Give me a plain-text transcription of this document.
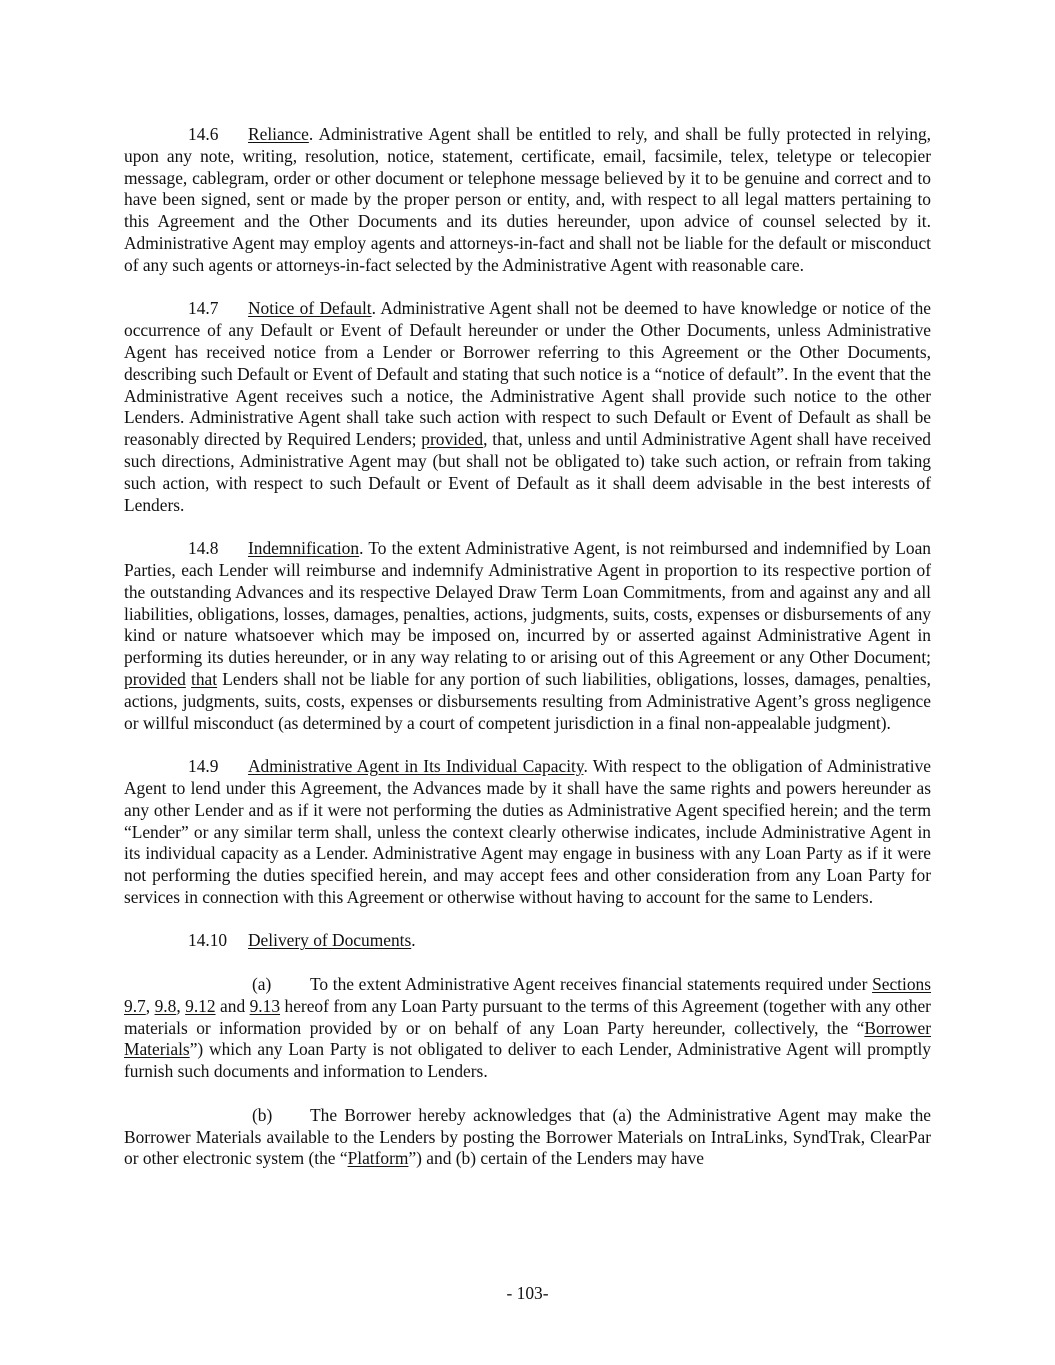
14.6 Reliance. Administrative Agent shall be entitled to rely, and shall be fully protected in relying, upon any note, writing, resolution, notice, statement, certificate, email, facsimile, telex, teletype or telecopier message, cablegram, order or other document or telephone message believed by it to be genuine and correct and to have been signed, sent or made by the proper person or entity, and, with respect to all legal matters pertaining to this Agreement and the Other Documents and its duties hereunder, upon advice of counsel selected by it. Administrative Agent may employ agents and attorneys-in-fact and shall not be liable for the default or misconduct of any such agents or attorneys-in-fact selected by the Administrative Agent with reasonable care.

14.7 Notice of Default. Administrative Agent shall not be deemed to have knowledge or notice of the occurrence of any Default or Event of Default hereunder or under the Other Documents, unless Administrative Agent has received notice from a Lender or Borrower referring to this Agreement or the Other Documents, describing such Default or Event of Default and stating that such notice is a “notice of default”. In the event that the Administrative Agent receives such a notice, the Administrative Agent shall provide such notice to the other Lenders. Administrative Agent shall take such action with respect to such Default or Event of Default as shall be reasonably directed by Required Lenders; provided, that, unless and until Administrative Agent shall have received such directions, Administrative Agent may (but shall not be obligated to) take such action, or refrain from taking such action, with respect to such Default or Event of Default as it shall deem advisable in the best interests of Lenders.

14.8 Indemnification. To the extent Administrative Agent, is not reimbursed and indemnified by Loan Parties, each Lender will reimburse and indemnify Administrative Agent in proportion to its respective portion of the outstanding Advances and its respective Delayed Draw Term Loan Commitments, from and against any and all liabilities, obligations, losses, damages, penalties, actions, judgments, suits, costs, expenses or disbursements of any kind or nature whatsoever which may be imposed on, incurred by or asserted against Administrative Agent in performing its duties hereunder, or in any way relating to or arising out of this Agreement or any Other Document; provided that Lenders shall not be liable for any portion of such liabilities, obligations, losses, damages, penalties, actions, judgments, suits, costs, expenses or disbursements resulting from Administrative Agent’s gross negligence or willful misconduct (as determined by a court of competent jurisdiction in a final non-appealable judgment).

14.9 Administrative Agent in Its Individual Capacity. With respect to the obligation of Administrative Agent to lend under this Agreement, the Advances made by it shall have the same rights and powers hereunder as any other Lender and as if it were not performing the duties as Administrative Agent specified herein; and the term “Lender” or any similar term shall, unless the context clearly otherwise indicates, include Administrative Agent in its individual capacity as a Lender. Administrative Agent may engage in business with any Loan Party as if it were not performing the duties specified herein, and may accept fees and other consideration from any Loan Party for services in connection with this Agreement or otherwise without having to account for the same to Lenders.

14.10 Delivery of Documents.

(a) To the extent Administrative Agent receives financial statements required under Sections 9.7, 9.8, 9.12 and 9.13 hereof from any Loan Party pursuant to the terms of this Agreement (together with any other materials or information provided by or on behalf of any Loan Party hereunder, collectively, the “Borrower Materials”) which any Loan Party is not obligated to deliver to each Lender, Administrative Agent will promptly furnish such documents and information to Lenders.

(b) The Borrower hereby acknowledges that (a) the Administrative Agent may make the Borrower Materials available to the Lenders by posting the Borrower Materials on IntraLinks, SyndTrak, ClearPar or other electronic system (the “Platform”) and (b) certain of the Lenders may have

- 103-
